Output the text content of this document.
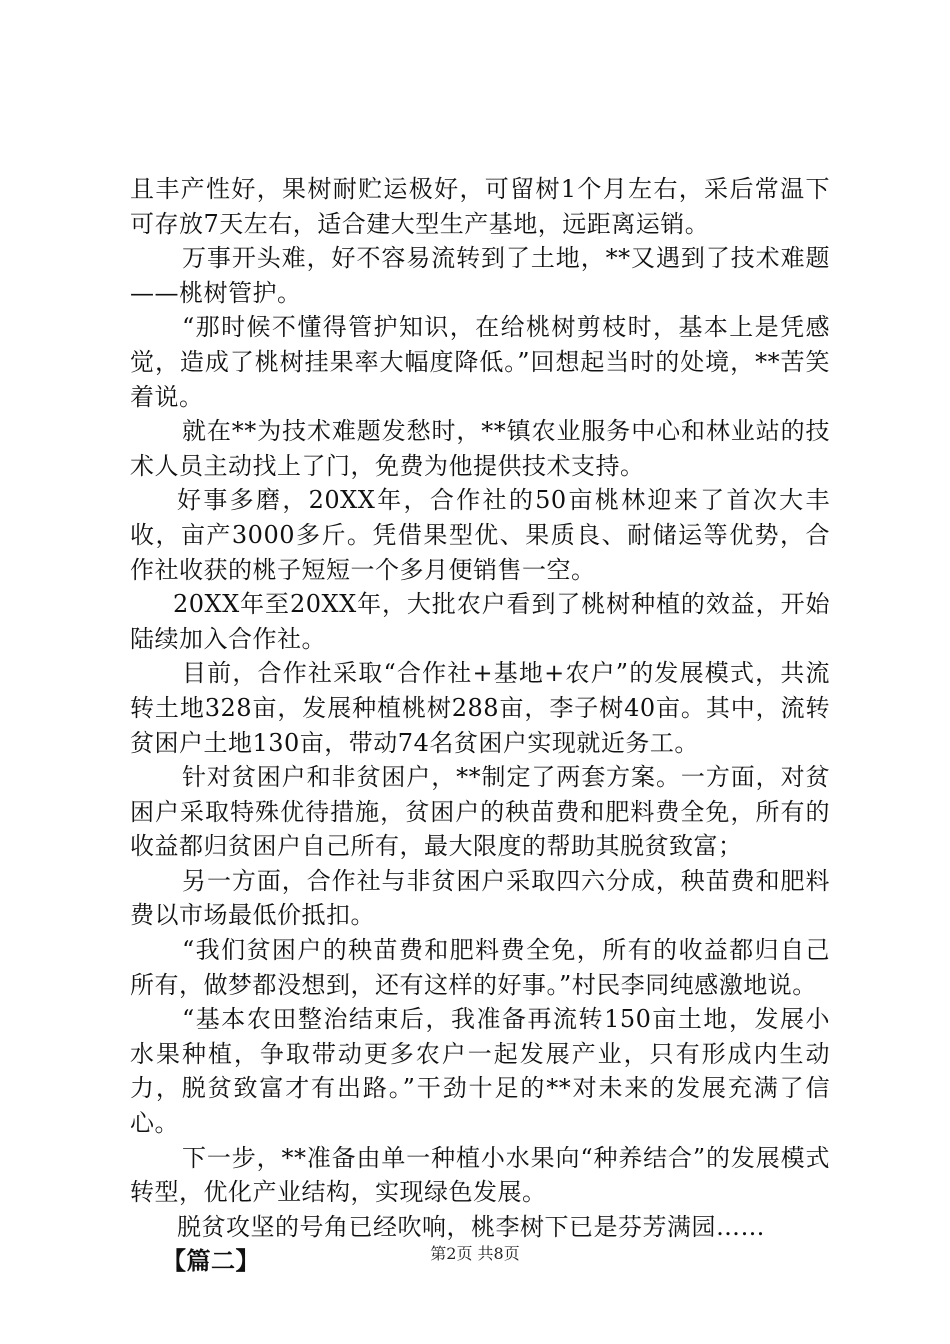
且丰产性好，果树耐贮运极好，可留树1个月左右，采后常温下可存放7天左右，适合建大型生产基地，远距离运销。

万事开头难，好不容易流转到了土地，**又遇到了技术难题——桃树管护。

“那时候不懂得管护知识，在给桃树剪枝时，基本上是凭感觉，造成了桃树挂果率大幅度降低。”回想起当时的处境，**苦笑着说。

就在**为技术难题发愁时，**镇农业服务中心和林业站的技术人员主动找上了门，免费为他提供技术支持。

好事多磨，20XX年，合作社的50亩桃林迎来了首次大丰收，亩产3000多斤。凭借果型优、果质良、耐储运等优势，合作社收获的桃子短短一个多月便销售一空。

20XX年至20XX年，大批农户看到了桃树种植的效益，开始陆续加入合作社。

目前，合作社采取“合作社+基地+农户”的发展模式，共流转土地328亩，发展种植桃树288亩，李子树40亩。其中，流转贫困户土地130亩，带动74名贫困户实现就近务工。

针对贫困户和非贫困户，**制定了两套方案。一方面，对贫困户采取特殊优待措施，贫困户的秧苗费和肥料费全免，所有的收益都归贫困户自己所有，最大限度的帮助其脱贫致富；

另一方面，合作社与非贫困户采取四六分成，秧苗费和肥料费以市场最低价抵扣。

“我们贫困户的秧苗费和肥料费全免，所有的收益都归自己所有，做梦都没想到，还有这样的好事。”村民李同纯感激地说。

“基本农田整治结束后，我准备再流转150亩土地，发展小水果种植，争取带动更多农户一起发展产业，只有形成内生动力，脱贫致富才有出路。”干劲十足的**对未来的发展充满了信心。

下一步，**准备由单一种植小水果向“种养结合”的发展模式转型，优化产业结构，实现绿色发展。

脱贫攻坚的号角已经吹响，桃李树下已是芬芳满园……

【篇二】	第2页 共8页
